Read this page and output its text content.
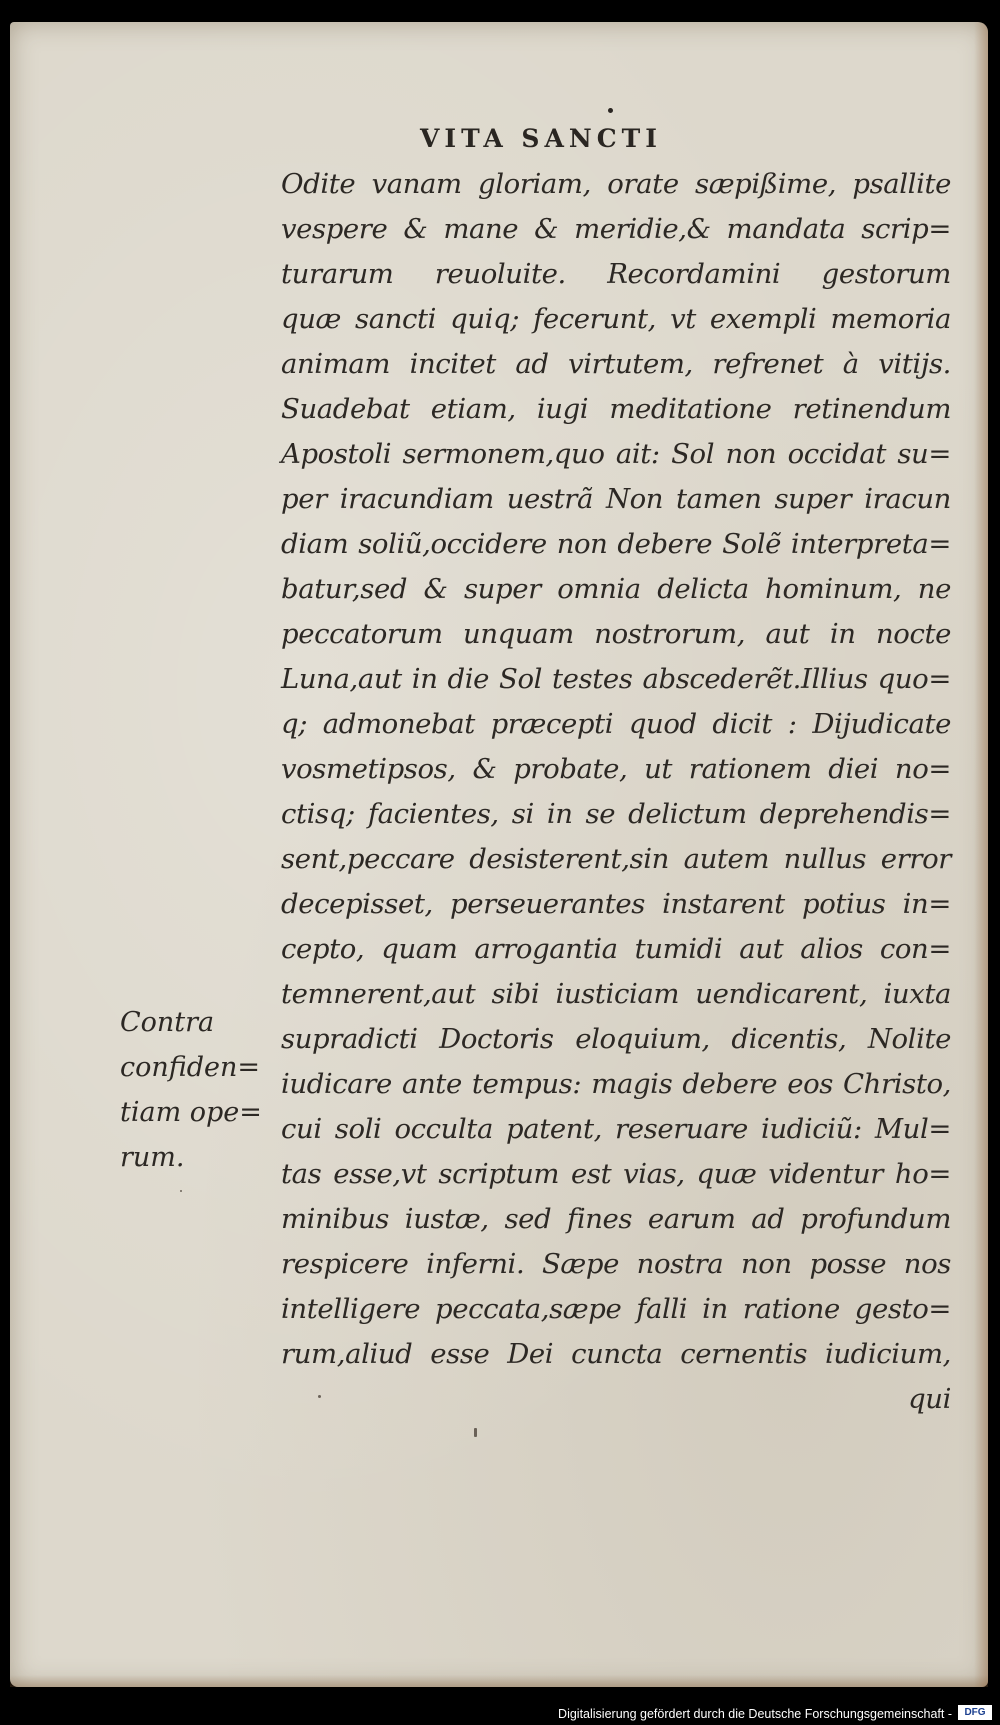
VITA SANCTI
Odite vanam gloriam, orate sæpißime, psallite
vespere & mane & meridie,& mandata scrip=
turarum reuoluite. Recordamini gestorum
quæ sancti quiq; fecerunt, vt exempli memoria
animam incitet ad virtutem, refrenet à vitijs.
Suadebat etiam, iugi meditatione retinendum
Apostoli sermonem,quo ait: Sol non occidat su=
per iracundiam uestrã Non tamen super iracun
diam soliũ,occidere non debere Solẽ interpreta=
batur,sed & super omnia delicta hominum, ne
peccatorum unquam nostrorum, aut in nocte
Luna,aut in die Sol testes abscederẽt.Illius quo=
q; admonebat præcepti quod dicit : Dijudicate
vosmetipsos, & probate, ut rationem diei no=
ctisq; facientes, si in se delictum deprehendis=
sent,peccare desisterent,sin autem nullus error
decepisset, perseuerantes instarent potius in=
cepto, quam arrogantia tumidi aut alios con=
temnerent,aut sibi iusticiam uendicarent, iuxta
supradicti Doctoris eloquium, dicentis, Nolite
iudicare ante tempus: magis debere eos Christo,
cui soli occulta patent, reseruare iudiciũ: Mul=
tas esse,vt scriptum est vias, quæ videntur ho=
minibus iustæ, sed fines earum ad profundum
respicere inferni. Sæpe nostra non posse nos
intelligere peccata,sæpe falli in ratione gesto=
rum,aliud esse Dei cuncta cernentis iudicium,
qui
Contra
confiden=
tiam ope=
rum.
Digitalisierung gefördert durch die Deutsche Forschungsgemeinschaft -	DFG
